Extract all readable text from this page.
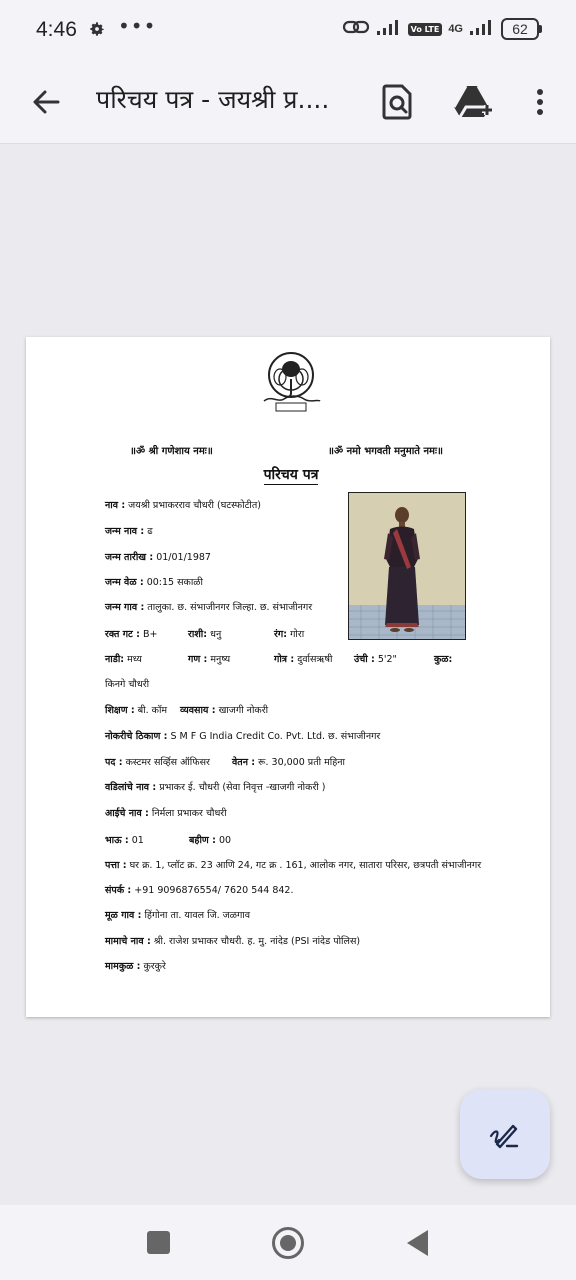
4:46 •••	Vo LTE 4G	62
परिचय पत्र - जयश्री प्र....
॥ॐ श्री गणेशाय नमः॥	॥ॐ नमो भगवती मनुमाते नमः॥
परिचय पत्र
नाव : जयश्री प्रभाकरराव चौधरी (घटस्फोटीत)
जन्म नाव : ढ
जन्म तारीख : 01/01/1987
जन्म वेळ : 00:15 सकाळी
जन्म गाव : तालुका. छ. संभाजीनगर जिल्हा. छ. संभाजीनगर
रक्त गट : B+	राशी: धनु	रंग: गोरा
नाडी: मध्य	गण : मनुष्य	गोत्र : दुर्वासऋषी उंची : 5'2"	कुळ:
किनगे चौधरी
शिक्षण : बी. कॉम व्यवसाय : खाजगी नोकरी
नोकरीचे ठिकाण : S M F G India Credit Co. Pvt. Ltd. छ. संभाजीनगर
पद : कस्टमर सर्व्हिस ऑफिसर वेतन : रू. 30,000 प्रती महिना
वडिलांचे नाव : प्रभाकर ई. चौधरी (सेवा निवृत्त -खाजगी नोकरी )
आईचे नाव : निर्मला प्रभाकर चौधरी
भाऊ : 01	बहीण : 00
पत्ता : घर क्र. 1, प्लॉट क्र. 23 आणि 24, गट क्र . 161, आलोक नगर, सातारा परिसर, छत्रपती संभाजीनगर
संपर्क : +91 9096876554/ 7620 544 842.
मूळ गाव : हिंगोना ता. यावल जि. जळगाव
मामाचे नाव : श्री. राजेश प्रभाकर चौधरी. ह. मु. नांदेड (PSI नांदेड पोलिस)
मामकुळ : कुरकुरे
